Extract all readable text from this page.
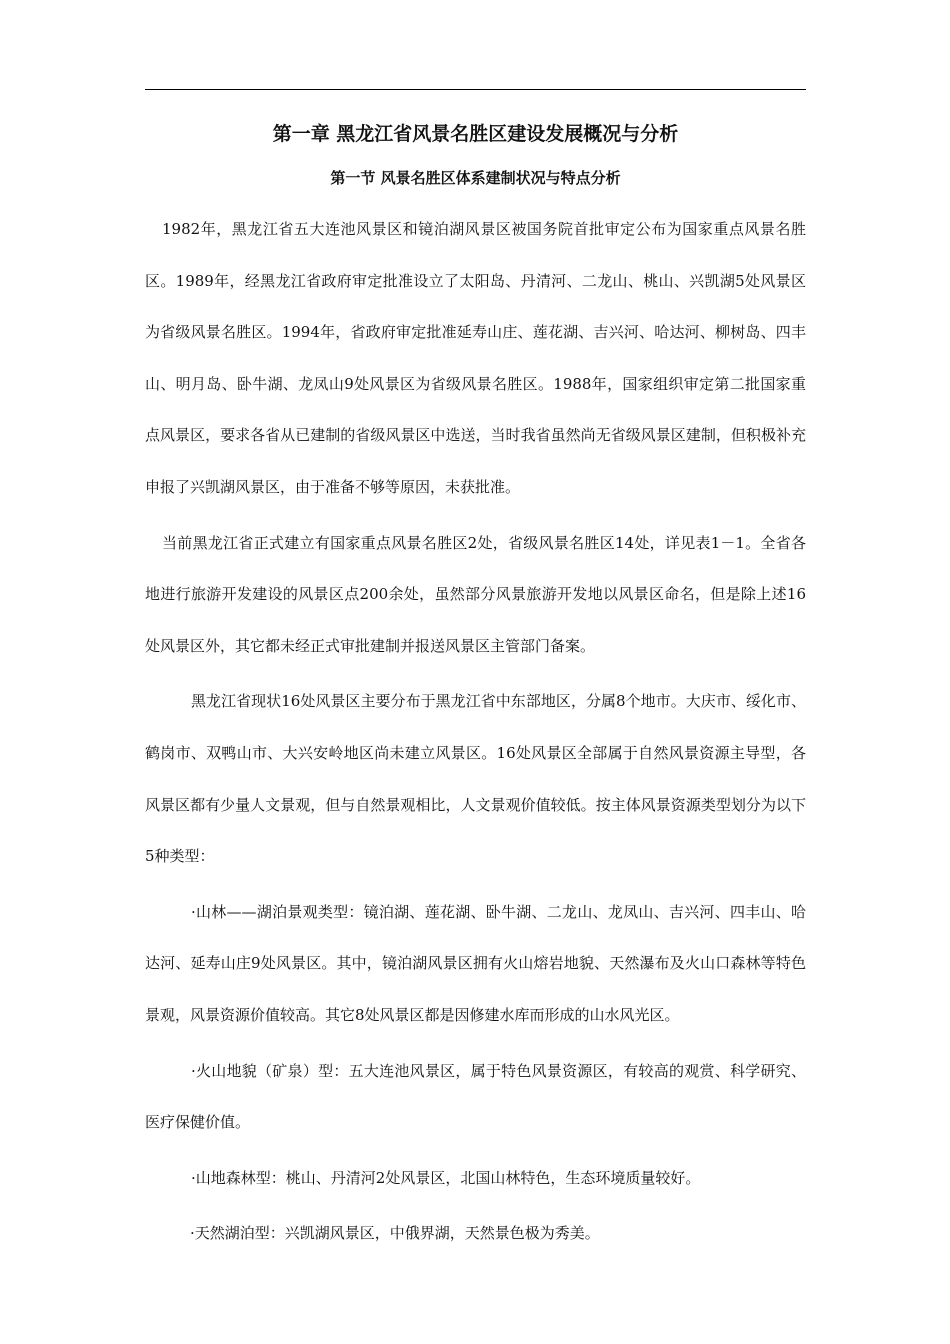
第一章 黑龙江省风景名胜区建设发展概况与分析
第一节 风景名胜区体系建制状况与特点分析

1982年，黑龙江省五大连池风景区和镜泊湖风景区被国务院首批审定公布为国家重点风景名胜区。1989年，经黑龙江省政府审定批准设立了太阳岛、丹清河、二龙山、桃山、兴凯湖5处风景区为省级风景名胜区。1994年，省政府审定批准延寿山庄、莲花湖、吉兴河、哈达河、柳树岛、四丰山、明月岛、卧牛湖、龙凤山9处风景区为省级风景名胜区。1988年，国家组织审定第二批国家重点风景区，要求各省从已建制的省级风景区中选送，当时我省虽然尚无省级风景区建制，但积极补充申报了兴凯湖风景区，由于准备不够等原因，未获批准。

当前黑龙江省正式建立有国家重点风景名胜区2处，省级风景名胜区14处，详见表1－1。全省各地进行旅游开发建设的风景区点200余处，虽然部分风景旅游开发地以风景区命名，但是除上述16处风景区外，其它都未经正式审批建制并报送风景区主管部门备案。

黑龙江省现状16处风景区主要分布于黑龙江省中东部地区，分属8个地市。大庆市、绥化市、鹤岗市、双鸭山市、大兴安岭地区尚未建立风景区。16处风景区全部属于自然风景资源主导型，各风景区都有少量人文景观，但与自然景观相比，人文景观价值较低。按主体风景资源类型划分为以下5种类型：

·山林——湖泊景观类型：镜泊湖、莲花湖、卧牛湖、二龙山、龙凤山、吉兴河、四丰山、哈达河、延寿山庄9处风景区。其中，镜泊湖风景区拥有火山熔岩地貌、天然瀑布及火山口森林等特色景观，风景资源价值较高。其它8处风景区都是因修建水库而形成的山水风光区。

·火山地貌（矿泉）型：五大连池风景区，属于特色风景资源区，有较高的观赏、科学研究、医疗保健价值。

·山地森林型：桃山、丹清河2处风景区，北国山林特色，生态环境质量较好。

·天然湖泊型：兴凯湖风景区，中俄界湖，天然景色极为秀美。
